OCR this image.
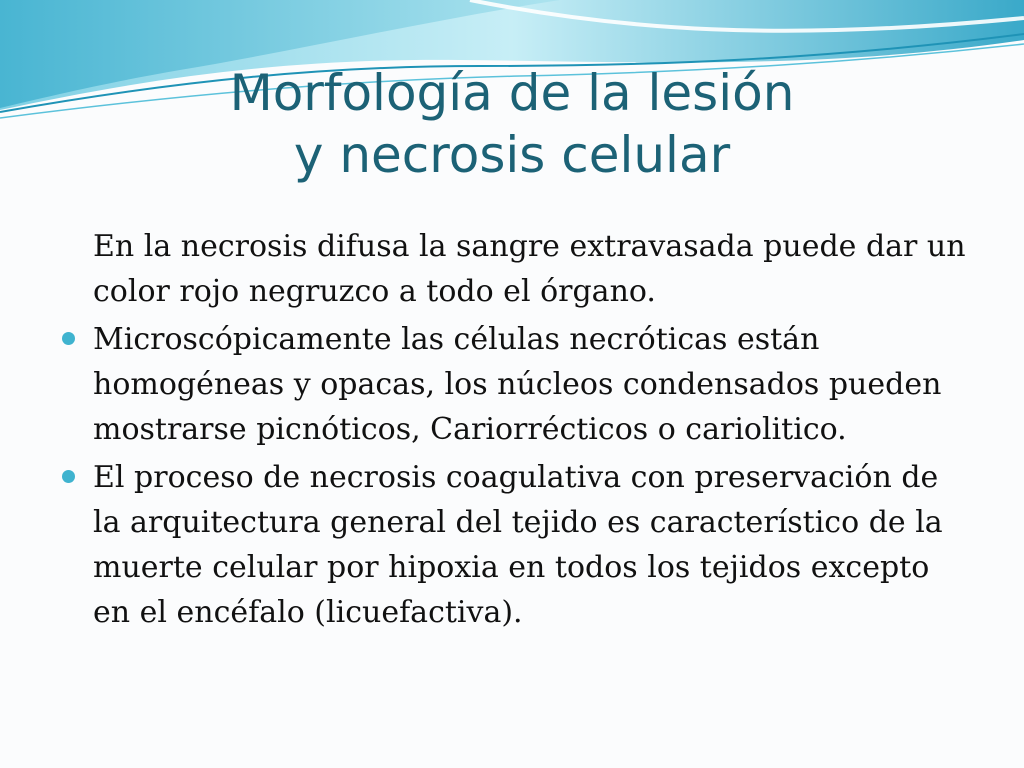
Morfología de la lesión
y necrosis celular

En la necrosis difusa la sangre extravasada puede dar un color rojo negruzco a todo el órgano.

Microscópicamente las células necróticas están homogéneas y opacas, los núcleos condensados pueden mostrarse picnóticos, Cariorrécticos o cariolitico.

El proceso de necrosis coagulativa con preservación de la arquitectura general del tejido es característico de la muerte celular por hipoxia en todos los tejidos excepto en el encéfalo (licuefactiva).
